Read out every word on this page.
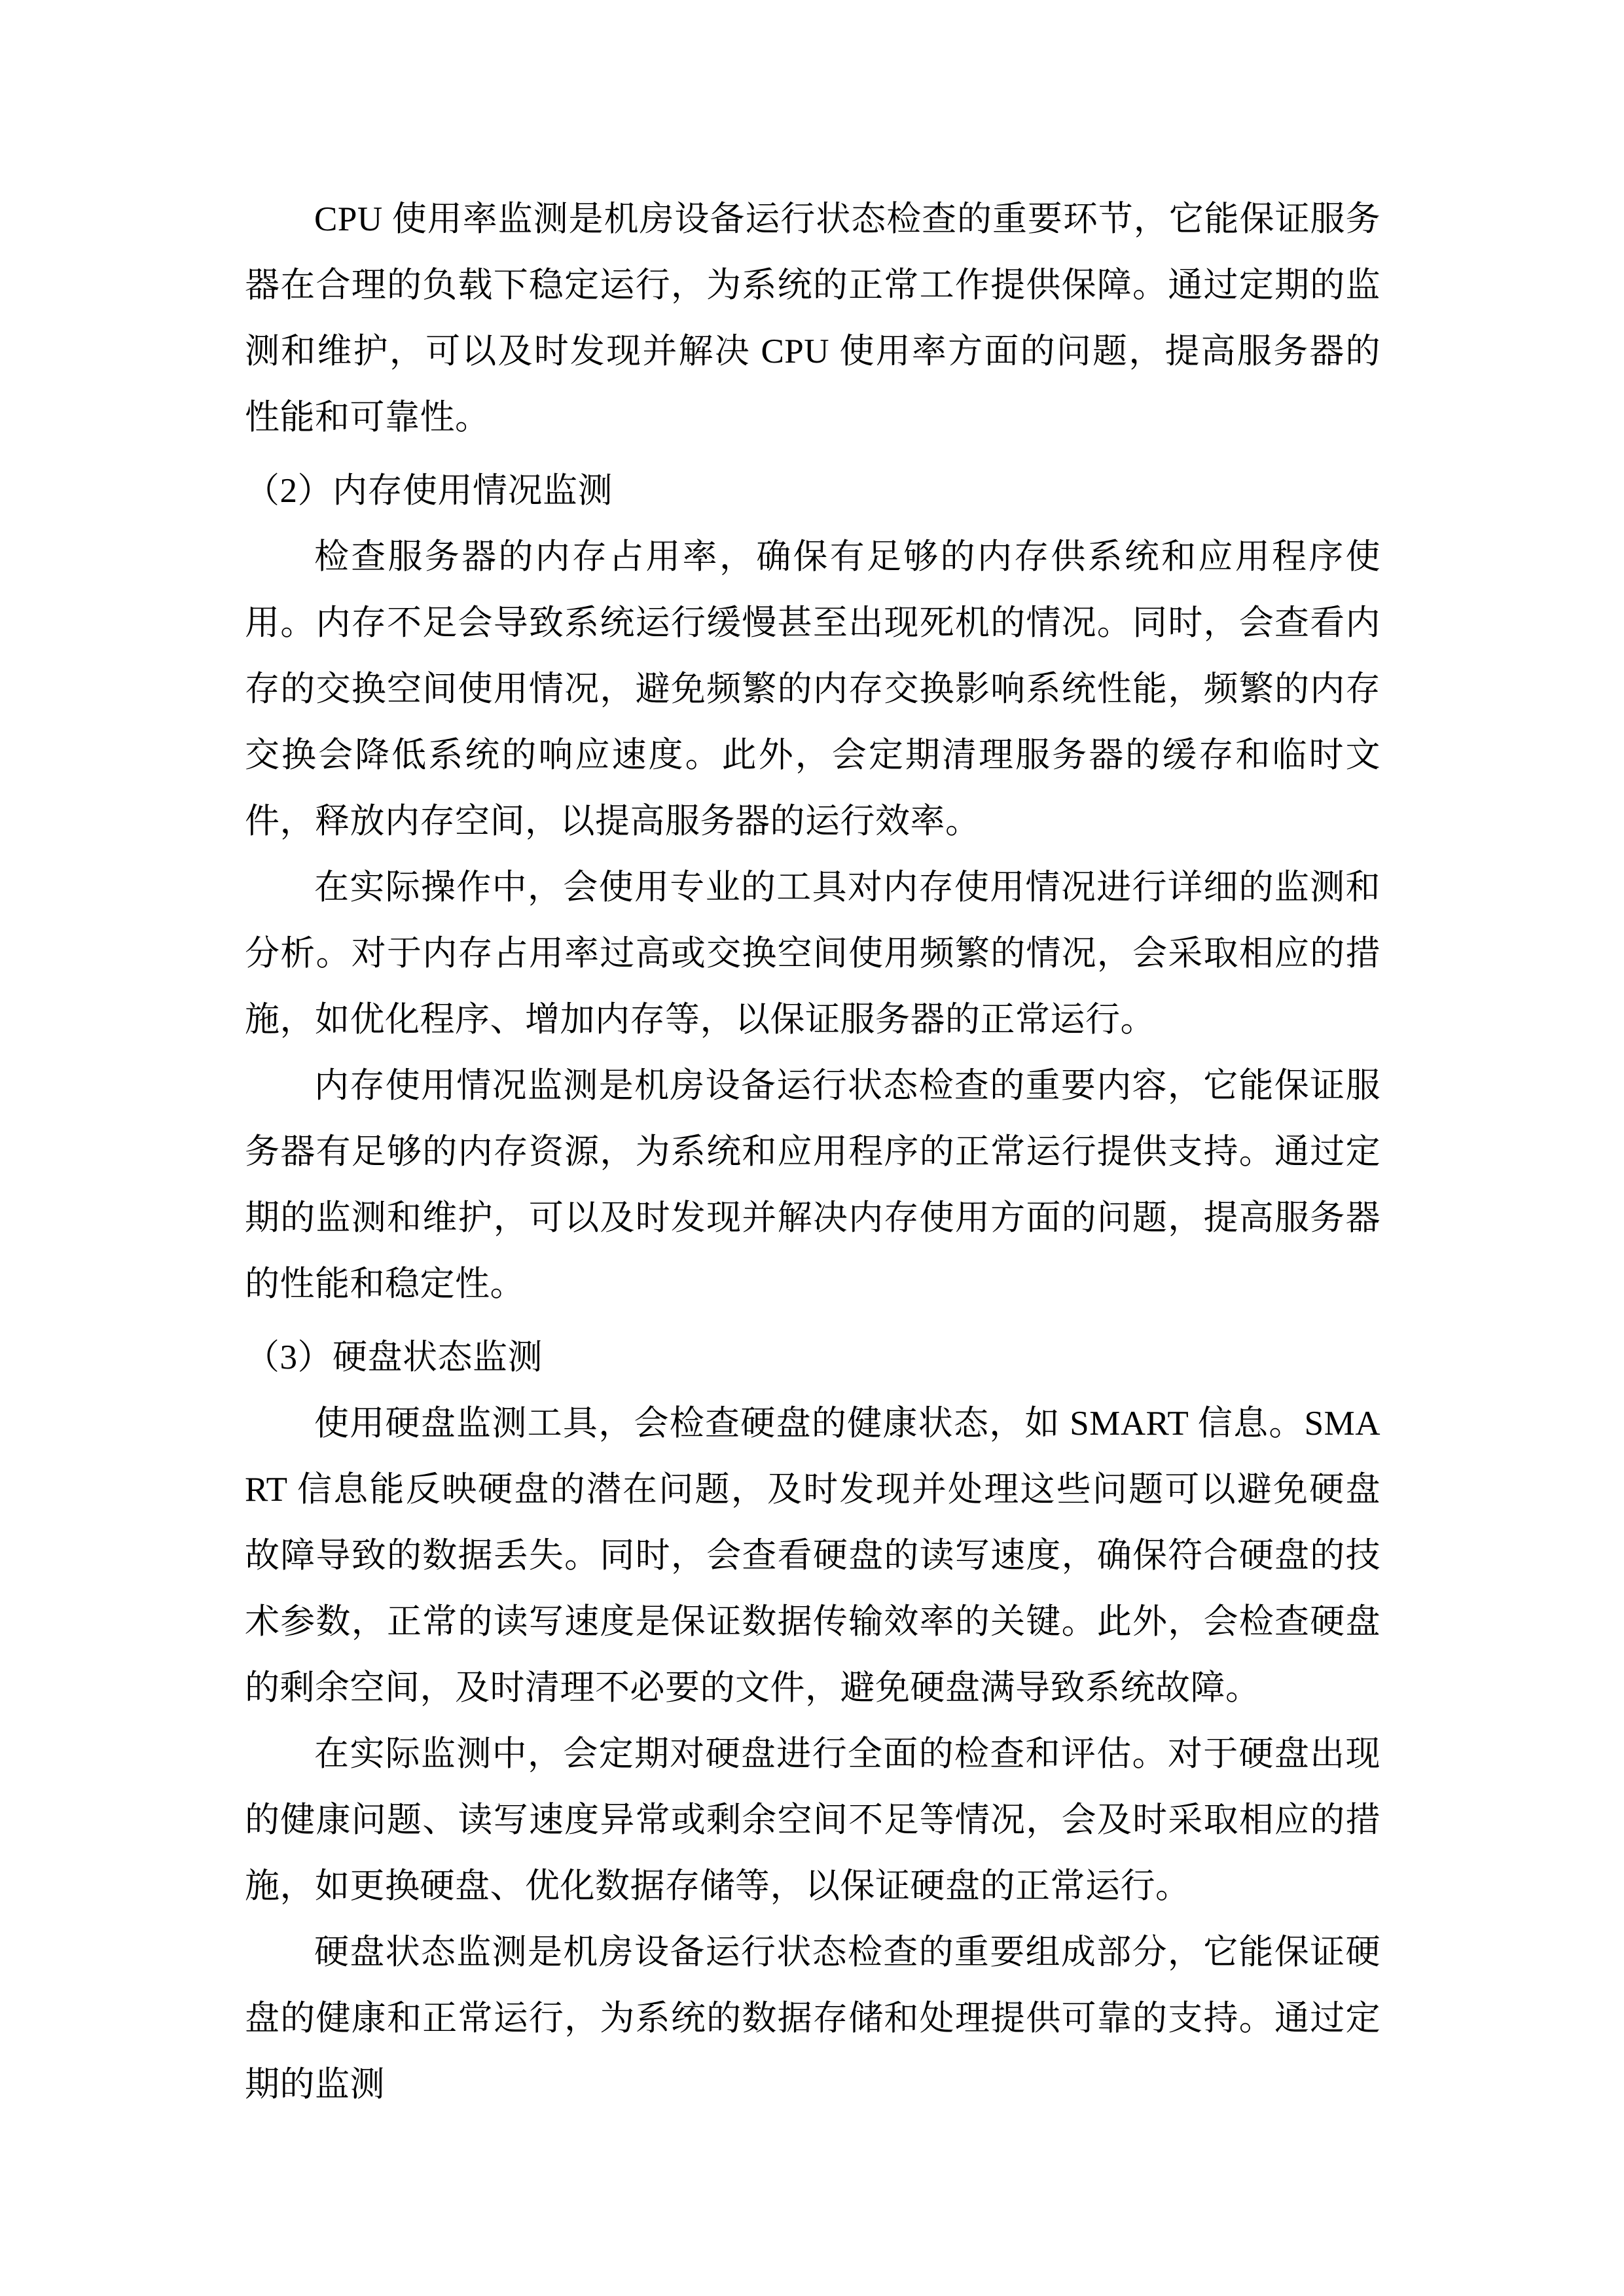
CPU 使用率监测是机房设备运行状态检查的重要环节，它能保证服务器在合理的负载下稳定运行，为系统的正常工作提供保障。通过定期的监测和维护，可以及时发现并解决 CPU 使用率方面的问题，提高服务器的性能和可靠性。

（2）内存使用情况监测

检查服务器的内存占用率，确保有足够的内存供系统和应用程序使用。内存不足会导致系统运行缓慢甚至出现死机的情况。同时，会查看内存的交换空间使用情况，避免频繁的内存交换影响系统性能，频繁的内存交换会降低系统的响应速度。此外，会定期清理服务器的缓存和临时文件，释放内存空间，以提高服务器的运行效率。

在实际操作中，会使用专业的工具对内存使用情况进行详细的监测和分析。对于内存占用率过高或交换空间使用频繁的情况，会采取相应的措施，如优化程序、增加内存等，以保证服务器的正常运行。

内存使用情况监测是机房设备运行状态检查的重要内容，它能保证服务器有足够的内存资源，为系统和应用程序的正常运行提供支持。通过定期的监测和维护，可以及时发现并解决内存使用方面的问题，提高服务器的性能和稳定性。

（3）硬盘状态监测

使用硬盘监测工具，会检查硬盘的健康状态，如 SMART 信息。SMART 信息能反映硬盘的潜在问题，及时发现并处理这些问题可以避免硬盘故障导致的数据丢失。同时，会查看硬盘的读写速度，确保符合硬盘的技术参数，正常的读写速度是保证数据传输效率的关键。此外，会检查硬盘的剩余空间，及时清理不必要的文件，避免硬盘满导致系统故障。

在实际监测中，会定期对硬盘进行全面的检查和评估。对于硬盘出现的健康问题、读写速度异常或剩余空间不足等情况，会及时采取相应的措施，如更换硬盘、优化数据存储等，以保证硬盘的正常运行。

硬盘状态监测是机房设备运行状态检查的重要组成部分，它能保证硬盘的健康和正常运行，为系统的数据存储和处理提供可靠的支持。通过定期的监测
